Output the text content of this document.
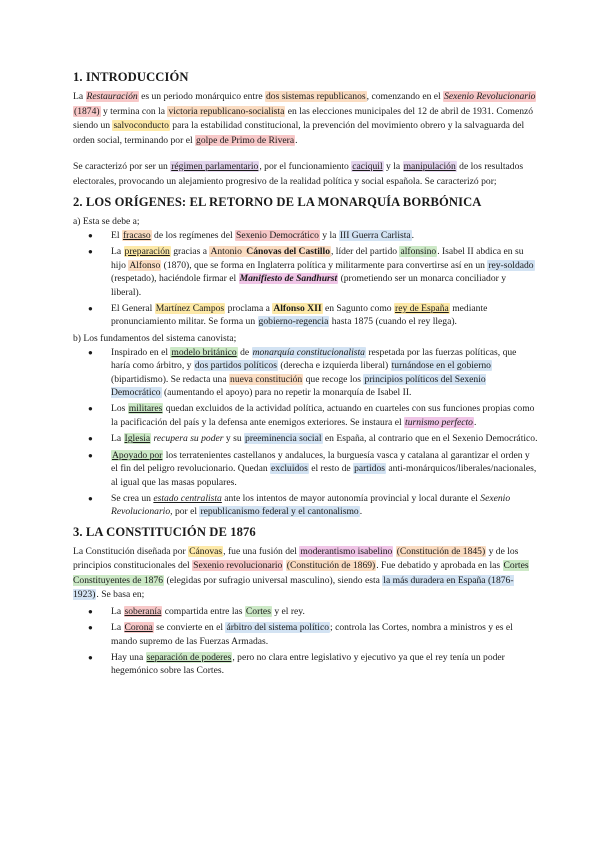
1. INTRODUCCIÓN

La Restauración es un periodo monárquico entre dos sistemas republicanos, comenzando en el Sexenio Revolucionario (1874) y termina con la victoria republicano-socialista en las elecciones municipales del 12 de abril de 1931. Comenzó siendo un salvoconducto para la estabilidad constitucional, la prevención del movimiento obrero y la salvaguarda del orden social, terminando por el golpe de Primo de Rivera.

Se caracterizó por ser un régimen parlamentario, por el funcionamiento caciquil y la manipulación de los resultados electorales, provocando un alejamiento progresivo de la realidad política y social española. Se caracterizó por;

2. LOS ORÍGENES: EL RETORNO DE LA MONARQUÍA BORBÓNICA
a) Esta se debe a;
● El fracaso de los regímenes del Sexenio Democrático y la III Guerra Carlista.
● La preparación gracias a Antonio Cánovas del Castillo, líder del partido alfonsino. Isabel II abdica en su hijo Alfonso (1870), que se forma en Inglaterra política y militarmente para convertirse así en un rey-soldado (respetado), haciéndole firmar el Manifiesto de Sandhurst (prometiendo ser un monarca conciliador y liberal).
● El General Martínez Campos proclama a Alfonso XII en Sagunto como rey de España mediante pronunciamiento militar. Se forma un gobierno-regencia hasta 1875 (cuando el rey llega).
b) Los fundamentos del sistema canovista;
● Inspirado en el modelo británico de monarquía constitucionalista respetada por las fuerzas políticas, que haría como árbitro, y dos partidos políticos (derecha e izquierda liberal) turnándose en el gobierno (bipartidismo). Se redacta una nueva constitución que recoge los principios políticos del Sexenio Democrático (aumentando el apoyo) para no repetir la monarquía de Isabel II.
● Los militares quedan excluidos de la actividad política, actuando en cuarteles con sus funciones propias como la pacificación del país y la defensa ante enemigos exteriores. Se instaura el turnismo perfecto.
● La Iglesia recupera su poder y su preeminencia social en España, al contrario que en el Sexenio Democrático.
● Apoyado por los terratenientes castellanos y andaluces, la burguesía vasca y catalana al garantizar el orden y el fin del peligro revolucionario. Quedan excluidos el resto de partidos anti-monárquicos/liberales/nacionales, al igual que las masas populares.
● Se crea un estado centralista ante los intentos de mayor autonomía provincial y local durante el Sexenio Revolucionario, por el republicanismo federal y el cantonalismo.
3. LA CONSTITUCIÓN DE 1876

La Constitución diseñada por Cánovas, fue una fusión del moderantismo isabelino (Constitución de 1845) y de los principios constitucionales del Sexenio revolucionario (Constitución de 1869). Fue debatido y aprobada en las Cortes Constituyentes de 1876 (elegidas por sufragio universal masculino), siendo esta la más duradera en España (1876-1923). Se basa en;

● La soberanía compartida entre las Cortes y el rey.
● La Corona se convierte en el árbitro del sistema político; controla las Cortes, nombra a ministros y es el mando supremo de las Fuerzas Armadas.
● Hay una separación de poderes, pero no clara entre legislativo y ejecutivo ya que el rey tenía un poder hegemónico sobre las Cortes.
